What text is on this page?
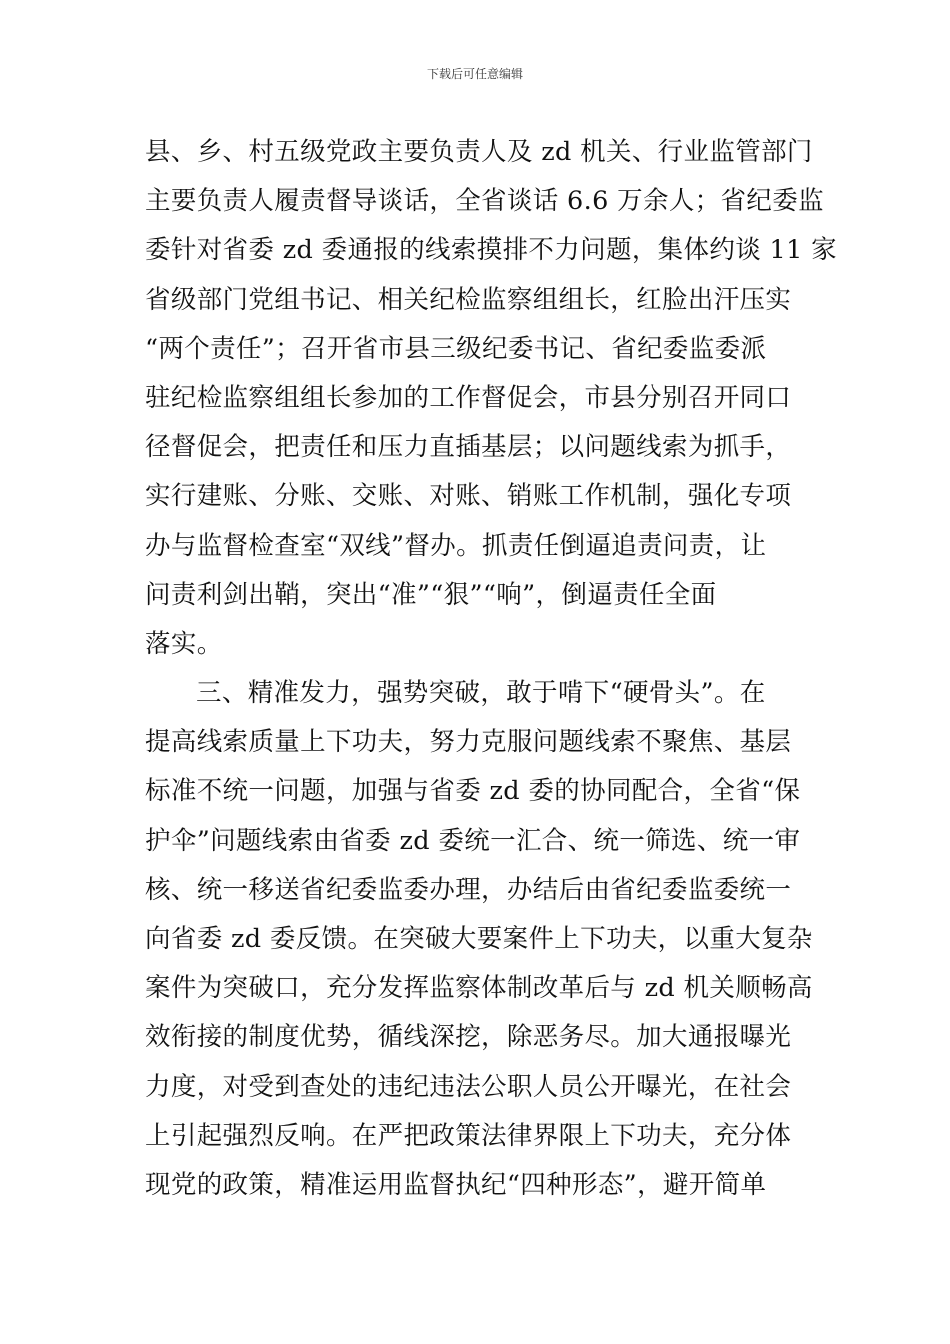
下载后可任意编辑
县、乡、村五级党政主要负责人及 zd 机关、行业监管部门
主要负责人履责督导谈话，全省谈话 6.6 万余人；省纪委监
委针对省委 zd 委通报的线索摸排不力问题，集体约谈 11 家
省级部门党组书记、相关纪检监察组组长，红脸出汗压实
“两个责任”；召开省市县三级纪委书记、省纪委监委派
驻纪检监察组组长参加的工作督促会，市县分别召开同口
径督促会，把责任和压力直插基层；以问题线索为抓手，
实行建账、分账、交账、对账、销账工作机制，强化专项
办与监督检查室“双线”督办。抓责任倒逼追责问责，让
问责利剑出鞘，突出“准”“狠”“响”，倒逼责任全面
落实。
三、精准发力，强势突破，敢于啃下“硬骨头”。在
提高线索质量上下功夫，努力克服问题线索不聚焦、基层
标准不统一问题，加强与省委 zd 委的协同配合，全省“保
护伞”问题线索由省委 zd 委统一汇合、统一筛选、统一审
核、统一移送省纪委监委办理，办结后由省纪委监委统一
向省委 zd 委反馈。在突破大要案件上下功夫，以重大复杂
案件为突破口，充分发挥监察体制改革后与 zd 机关顺畅高
效衔接的制度优势，循线深挖，除恶务尽。加大通报曝光
力度，对受到查处的违纪违法公职人员公开曝光，在社会
上引起强烈反响。在严把政策法律界限上下功夫，充分体
现党的政策，精准运用监督执纪“四种形态”，避开简单
